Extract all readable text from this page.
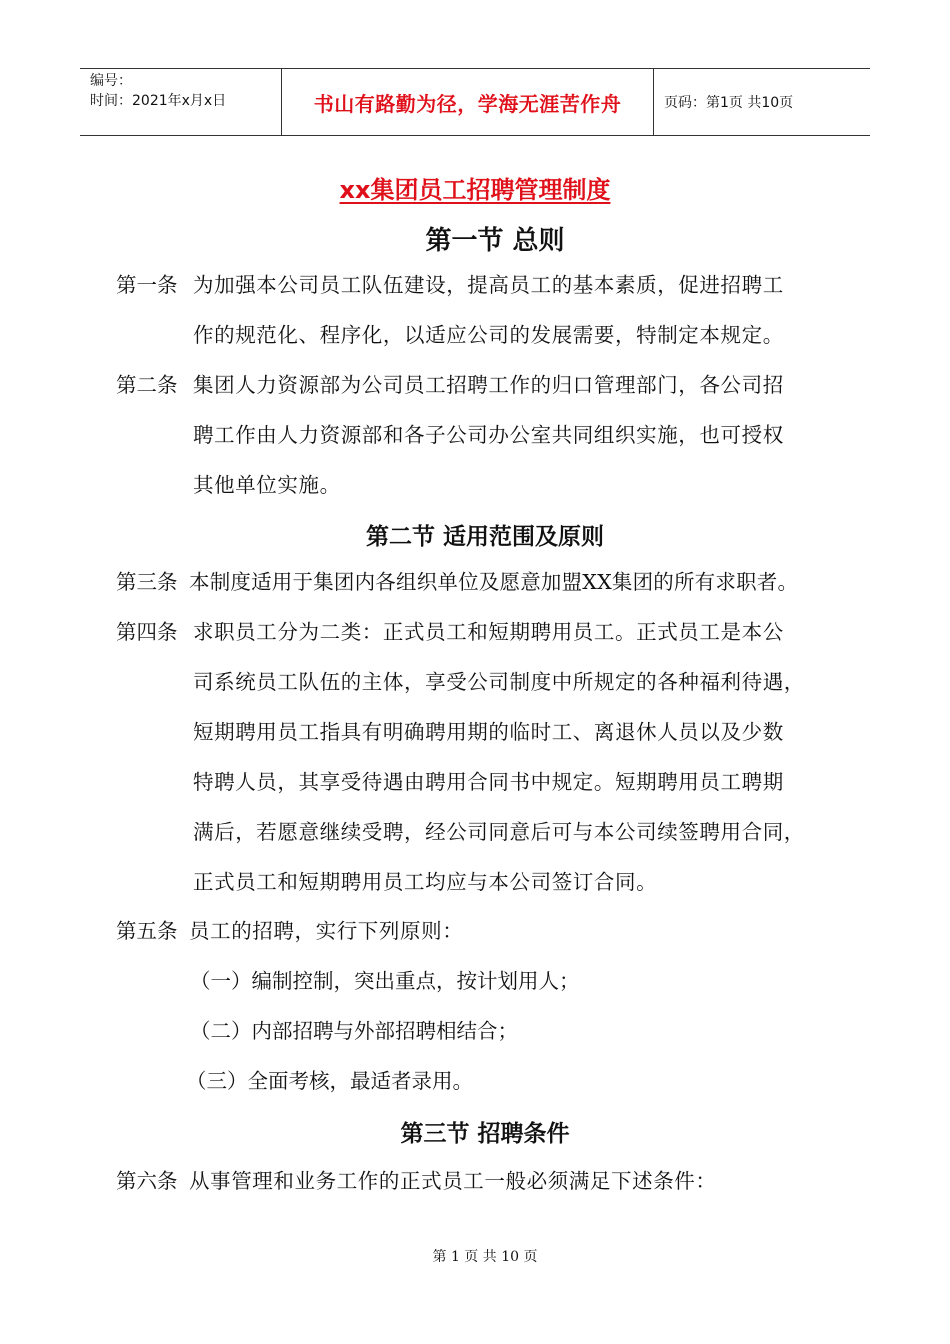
编号：
时间：2021年x月x日	书山有路勤为径，学海无涯苦作舟	页码：第1页 共10页
xx集团员工招聘管理制度
第一节 总则
第一条 为加强本公司员工队伍建设，提高员工的基本素质，促进招聘工
作的规范化、程序化，以适应公司的发展需要，特制定本规定。
第二条 集团人力资源部为公司员工招聘工作的归口管理部门，各公司招
聘工作由人力资源部和各子公司办公室共同组织实施，也可授权
其他单位实施。
第二节 适用范围及原则
第三条 本制度适用于集团内各组织单位及愿意加盟XX集团的所有求职者。
第四条 求职员工分为二类：正式员工和短期聘用员工。正式员工是本公
司系统员工队伍的主体，享受公司制度中所规定的各种福利待遇，
短期聘用员工指具有明确聘用期的临时工、离退休人员以及少数
特聘人员，其享受待遇由聘用合同书中规定。短期聘用员工聘期
满后，若愿意继续受聘，经公司同意后可与本公司续签聘用合同，
正式员工和短期聘用员工均应与本公司签订合同。
第五条 员工的招聘，实行下列原则：
（一）编制控制，突出重点，按计划用人；
（二）内部招聘与外部招聘相结合；
（三）全面考核，最适者录用。
第三节 招聘条件
第六条 从事管理和业务工作的正式员工一般必须满足下述条件：
第 1 页 共 10 页
